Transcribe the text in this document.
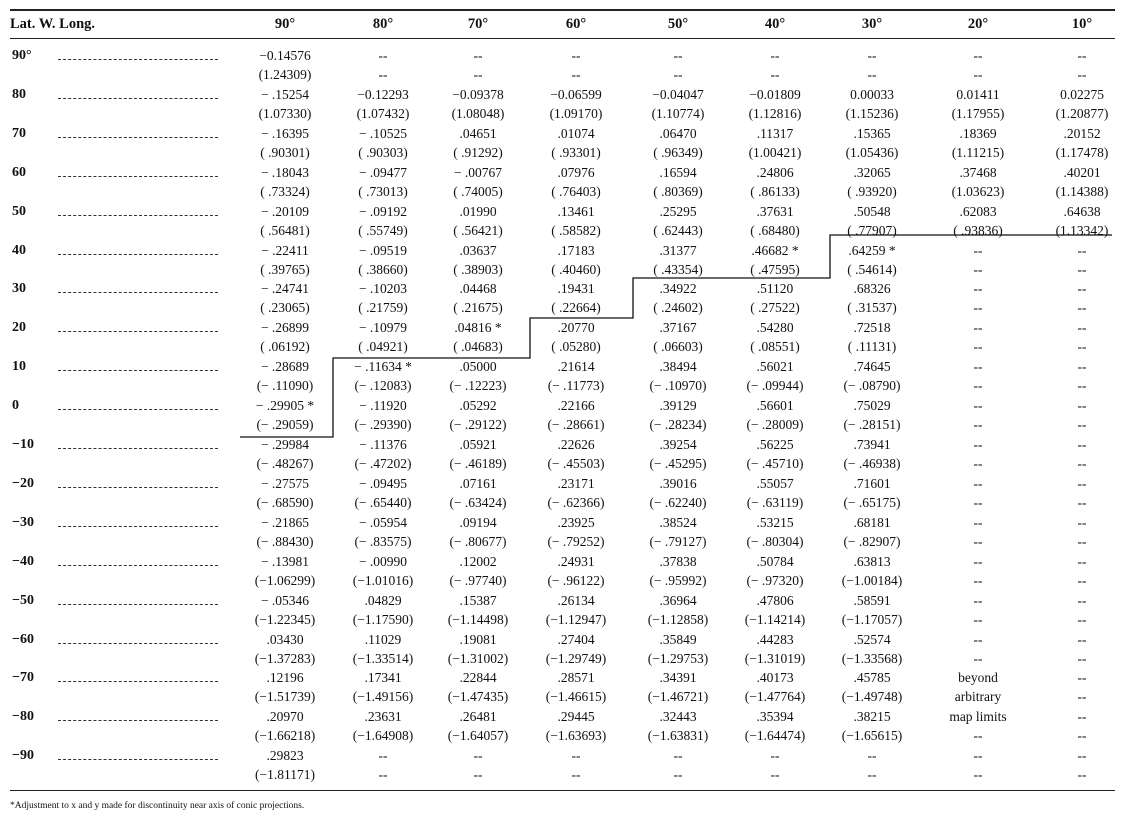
Lat. W. Long.	90°	80°	70°	60°	50°	40°	30°	20°	10°
90°	−0.14576	--	--	--	--	--	--	--	--
(1.24309)	--	--	--	--	--	--	--	--
80	− .15254	−0.12293	−0.09378	−0.06599	−0.04047	−0.01809	0.00033	0.01411	0.02275
(1.07330)	(1.07432)	(1.08048)	(1.09170)	(1.10774)	(1.12816)	(1.15236)	(1.17955)	(1.20877)
70	− .16395	− .10525	.04651	.01074	.06470	.11317	.15365	.18369	.20152
( .90301)	( .90303)	( .91292)	( .93301)	( .96349)	(1.00421)	(1.05436)	(1.11215)	(1.17478)
60	− .18043	− .09477	− .00767	.07976	.16594	.24806	.32065	.37468	.40201
( .73324)	( .73013)	( .74005)	( .76403)	( .80369)	( .86133)	( .93920)	(1.03623)	(1.14388)
50	− .20109	− .09192	.01990	.13461	.25295	.37631	.50548	.62083	.64638
( .56481)	( .55749)	( .56421)	( .58582)	( .62443)	( .68480)	( .77907)	( .93836)	(1.13342)
40	− .22411	− .09519	.03637	.17183	.31377	.46682 *	.64259 *	--	--
( .39765)	( .38660)	( .38903)	( .40460)	( .43354)	( .47595)	( .54614)	--	--
30	− .24741	− .10203	.04468	.19431	.34922	.51120	.68326	--	--
( .23065)	( .21759)	( .21675)	( .22664)	( .24602)	( .27522)	( .31537)	--	--
20	− .26899	− .10979	.04816 *	.20770	.37167	.54280	.72518	--	--
( .06192)	( .04921)	( .04683)	( .05280)	( .06603)	( .08551)	( .11131)	--	--
10	− .28689	− .11634 *	.05000	.21614	.38494	.56021	.74645	--	--
(− .11090)	(− .12083)	(− .12223)	(− .11773)	(− .10970)	(− .09944)	(− .08790)	--	--
0	− .29905 *	− .11920	.05292	.22166	.39129	.56601	.75029	--	--
(− .29059)	(− .29390)	(− .29122)	(− .28661)	(− .28234)	(− .28009)	(− .28151)	--	--
−10	− .29984	− .11376	.05921	.22626	.39254	.56225	.73941	--	--
(− .48267)	(− .47202)	(− .46189)	(− .45503)	(− .45295)	(− .45710)	(− .46938)	--	--
−20	− .27575	− .09495	.07161	.23171	.39016	.55057	.71601	--	--
(− .68590)	(− .65440)	(− .63424)	(− .62366)	(− .62240)	(− .63119)	(− .65175)	--	--
−30	− .21865	− .05954	.09194	.23925	.38524	.53215	.68181	--	--
(− .88430)	(− .83575)	(− .80677)	(− .79252)	(− .79127)	(− .80304)	(− .82907)	--	--
−40	− .13981	− .00990	.12002	.24931	.37838	.50784	.63813	--	--
(−1.06299)	(−1.01016)	(− .97740)	(− .96122)	(− .95992)	(− .97320)	(−1.00184)	--	--
−50	− .05346	.04829	.15387	.26134	.36964	.47806	.58591	--	--
(−1.22345)	(−1.17590)	(−1.14498)	(−1.12947)	(−1.12858)	(−1.14214)	(−1.17057)	--	--
−60	.03430	.11029	.19081	.27404	.35849	.44283	.52574	--	--
(−1.37283)	(−1.33514)	(−1.31002)	(−1.29749)	(−1.29753)	(−1.31019)	(−1.33568)	--	--
−70	.12196	.17341	.22844	.28571	.34391	.40173	.45785	beyond	--
(−1.51739)	(−1.49156)	(−1.47435)	(−1.46615)	(−1.46721)	(−1.47764)	(−1.49748)	arbitrary	--
−80	.20970	.23631	.26481	.29445	.32443	.35394	.38215	map limits	--
(−1.66218)	(−1.64908)	(−1.64057)	(−1.63693)	(−1.63831)	(−1.64474)	(−1.65615)	--	--
−90	.29823	--	--	--	--	--	--	--	--
(−1.81171)	--	--	--	--	--	--	--	--
*Adjustment to x and y made for discontinuity near axis of conic projections.
